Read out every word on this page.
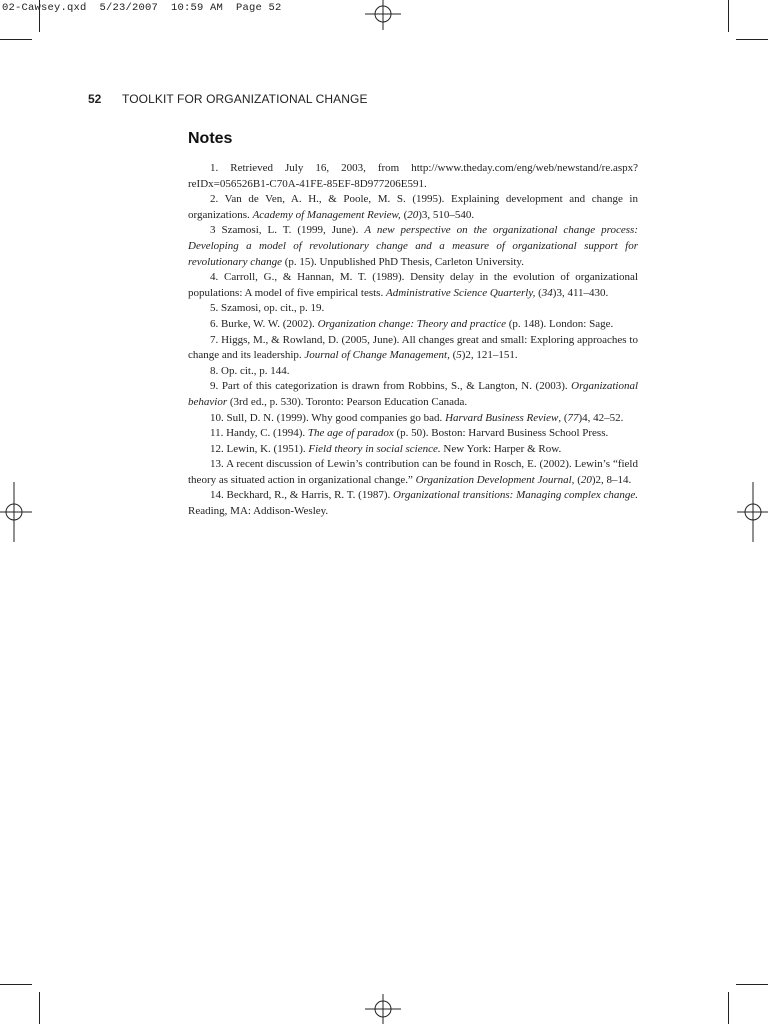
02-Cawsey.qxd  5/23/2007  10:59 AM  Page 52
52 TOOLKIT FOR ORGANIZATIONAL CHANGE
Notes
1. Retrieved July 16, 2003, from http://www.theday.com/eng/web/newstand/re.aspx?reIDx=056526B1-C70A-41FE-85EF-8D977206E591.
2. Van de Ven, A. H., & Poole, M. S. (1995). Explaining development and change in organizations. Academy of Management Review, (20)3, 510–540.
3 Szamosi, L. T. (1999, June). A new perspective on the organizational change process: Developing a model of revolutionary change and a measure of organizational support for revolutionary change (p. 15). Unpublished PhD Thesis, Carleton University.
4. Carroll, G., & Hannan, M. T. (1989). Density delay in the evolution of organizational populations: A model of five empirical tests. Administrative Science Quarterly, (34)3, 411–430.
5. Szamosi, op. cit., p. 19.
6. Burke, W. W. (2002). Organization change: Theory and practice (p. 148). London: Sage.
7. Higgs, M., & Rowland, D. (2005, June). All changes great and small: Exploring approaches to change and its leadership. Journal of Change Management, (5)2, 121–151.
8. Op. cit., p. 144.
9. Part of this categorization is drawn from Robbins, S., & Langton, N. (2003). Organizational behavior (3rd ed., p. 530). Toronto: Pearson Education Canada.
10. Sull, D. N. (1999). Why good companies go bad. Harvard Business Review, (77)4, 42–52.
11. Handy, C. (1994). The age of paradox (p. 50). Boston: Harvard Business School Press.
12. Lewin, K. (1951). Field theory in social science. New York: Harper & Row.
13. A recent discussion of Lewin’s contribution can be found in Rosch, E. (2002). Lewin’s “field theory as situated action in organizational change.” Organization Development Journal, (20)2, 8–14.
14. Beckhard, R., & Harris, R. T. (1987). Organizational transitions: Managing complex change. Reading, MA: Addison-Wesley.
